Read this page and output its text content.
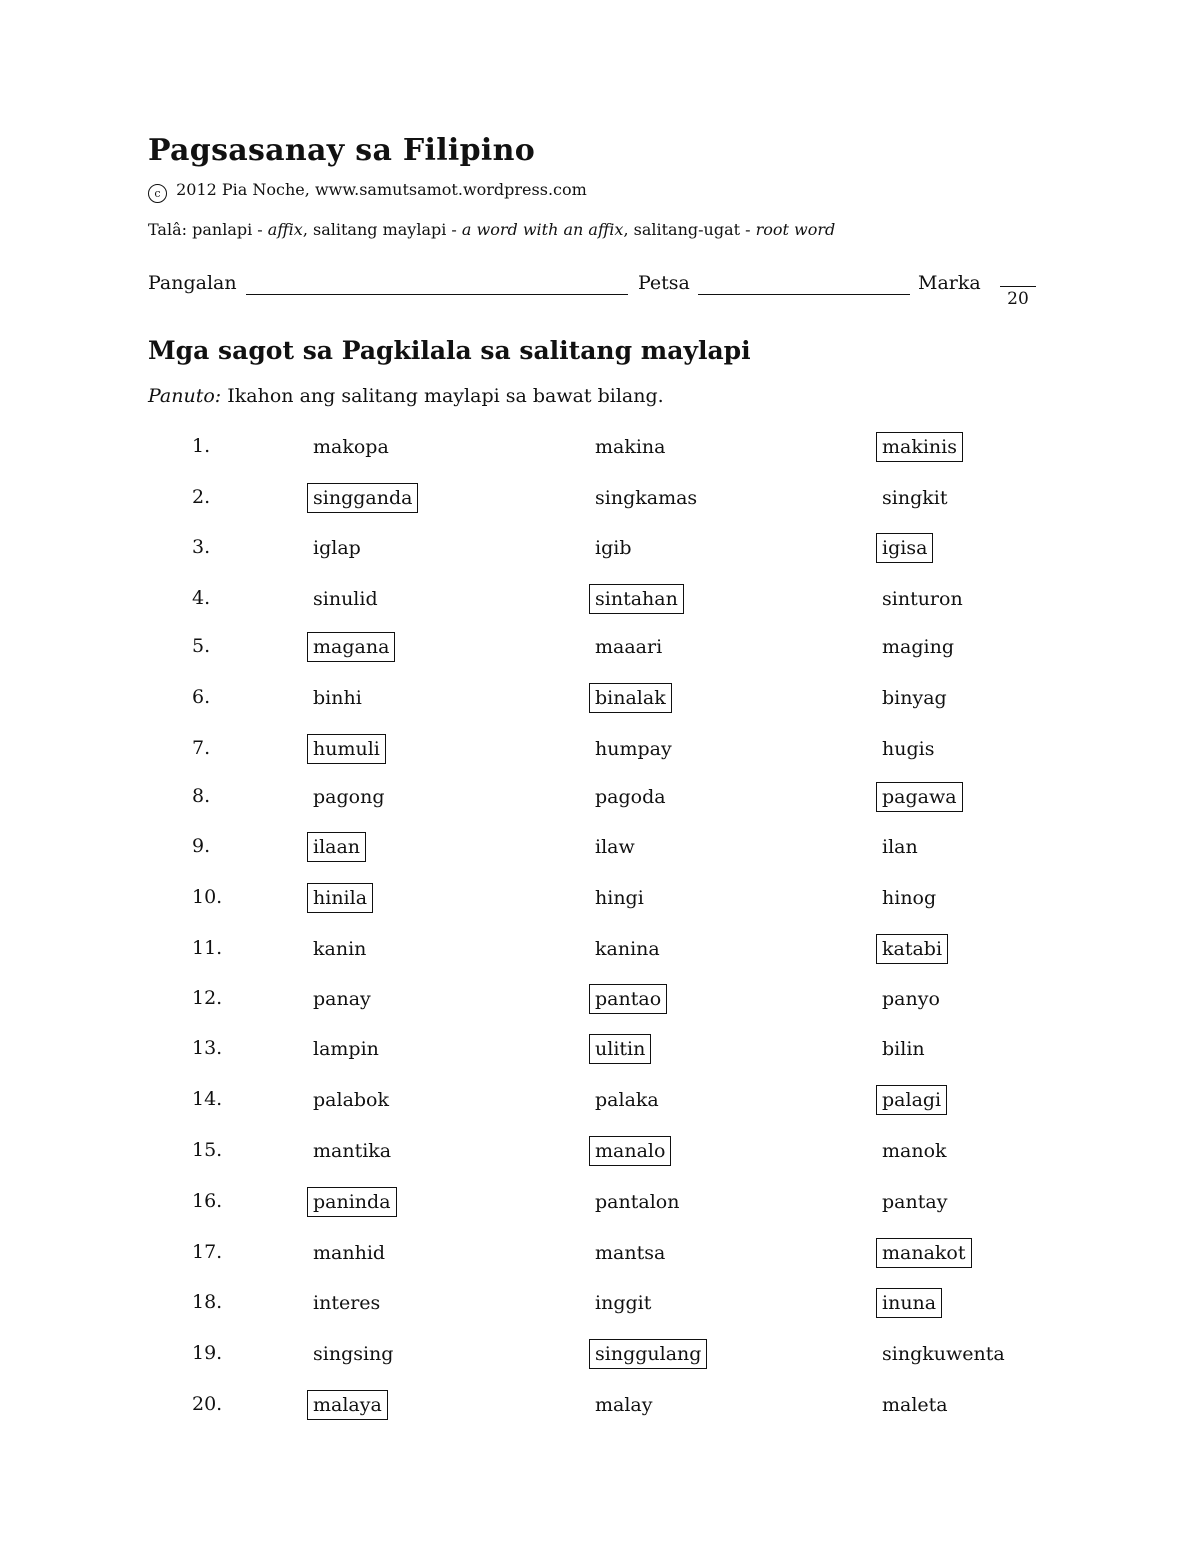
Pagsasanay sa Filipino
c 2012 Pia Noche, www.samutsamot.wordpress.com
Talâ: panlapi - affix, salitang maylapi - a word with an affix, salitang-ugat - root word
Pangalan	Petsa	Marka
20
Mga sagot sa Pagkilala sa salitang maylapi
Panuto: Ikahon ang salitang maylapi sa bawat bilang.
1.	makopa	makina	makinis
2.	singganda	singkamas	singkit
3.	iglap	igib	igisa
4.	sinulid	sintahan	sinturon
5.	magana	maaari	maging
6.	binhi	binalak	binyag
7.	humuli	humpay	hugis
8.	pagong	pagoda	pagawa
9.	ilaan	ilaw	ilan
10.	hinila	hingi	hinog
11.	kanin	kanina	katabi
12.	panay	pantao	panyo
13.	lampin	ulitin	bilin
14.	palabok	palaka	palagi
15.	mantika	manalo	manok
16.	paninda	pantalon	pantay
17.	manhid	mantsa	manakot
18.	interes	inggit	inuna
19.	singsing	singgulang	singkuwenta
20.	malaya	malay	maleta
